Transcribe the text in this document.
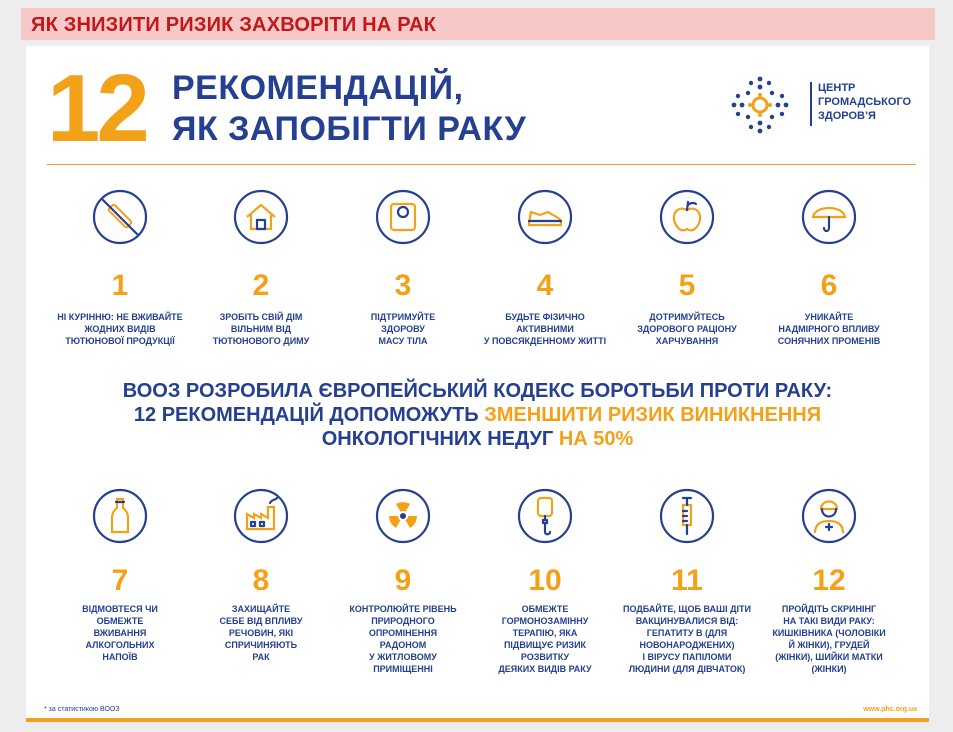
ЯК ЗНИЗИТИ РИЗИК ЗАХВОРІТИ НА РАК
12 РЕКОМЕНДАЦІЙ,
ЯК ЗАПОБІГТИ РАКУ
ЦЕНТР
ГРОМАДСЬКОГО
ЗДОРОВ’Я
1	2	3	4	5	6
НІ КУРІННЮ: НЕ ВЖИВАЙТЕ
ЖОДНИХ ВИДІВ
ТЮТЮНОВОЇ ПРОДУКЦІЇ
ЗРОБІТЬ СВІЙ ДІМ
ВІЛЬНИМ ВІД
ТЮТЮНОВОГО ДИМУ
ПІДТРИМУЙТЕ
ЗДОРОВУ
МАСУ ТІЛА
БУДЬТЕ ФІЗИЧНО
АКТИВНИМИ
У ПОВСЯКДЕННОМУ ЖИТТІ
ДОТРИМУЙТЕСЬ
ЗДОРОВОГО РАЦІОНУ
ХАРЧУВАННЯ
УНИКАЙТЕ
НАДМІРНОГО ВПЛИВУ
СОНЯЧНИХ ПРОМЕНІВ
ВООЗ РОЗРОБИЛА ЄВРОПЕЙСЬКИЙ КОДЕКС БОРОТЬБИ ПРОТИ РАКУ:
12 РЕКОМЕНДАЦІЙ ДОПОМОЖУТЬ ЗМЕНШИТИ РИЗИК ВИНИКНЕННЯ
ОНКОЛОГІЧНИХ НЕДУГ НА 50%
7	8	9	10	11	12
ВІДМОВТЕСЯ ЧИ
ОБМЕЖТЕ
ВЖИВАННЯ
АЛКОГОЛЬНИХ
НАПОЇВ
ЗАХИЩАЙТЕ
СЕБЕ ВІД ВПЛИВУ
РЕЧОВИН, ЯКІ
СПРИЧИНЯЮТЬ
РАК
КОНТРОЛЮЙТЕ РІВЕНЬ
ПРИРОДНОГО
ОПРОМІНЕННЯ
РАДОНОМ
У ЖИТЛОВОМУ
ПРИМІЩЕННІ
ОБМЕЖТЕ
ГОРМОНОЗАМІННУ
ТЕРАПІЮ, ЯКА
ПІДВИЩУЄ РИЗИК
РОЗВИТКУ
ДЕЯКИХ ВИДІВ РАКУ
ПОДБАЙТЕ, ЩОБ ВАШІ ДІТИ
ВАКЦИНУВАЛИСЯ ВІД:
ГЕПАТИТУ В (ДЛЯ
НОВОНАРОДЖЕНИХ)
І ВІРУСУ ПАПІЛОМИ
ЛЮДИНИ (ДЛЯ ДІВЧАТОК)
ПРОЙДІТЬ СКРИНІНГ
НА ТАКІ ВИДИ РАКУ:
КИШКІВНИКА (ЧОЛОВІКИ
Й ЖІНКИ), ГРУДЕЙ
(ЖІНКИ), ШИЙКИ МАТКИ
(ЖІНКИ)
* за статистикою ВООЗ	www.phc.org.ua
